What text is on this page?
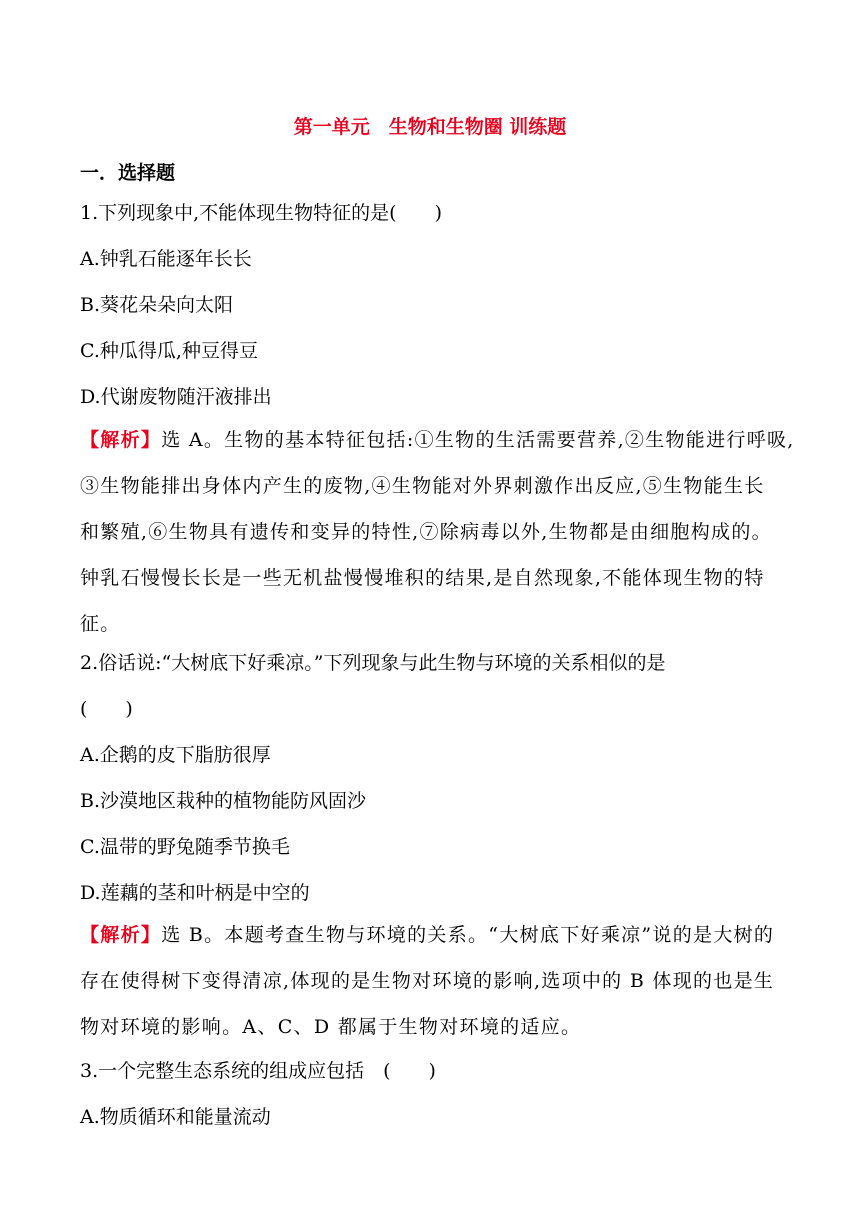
第一单元　生物和生物圈 训练题
一．选择题
1.下列现象中,不能体现生物特征的是(　　)
A.钟乳石能逐年长长
B.葵花朵朵向太阳
C.种瓜得瓜,种豆得豆
D.代谢废物随汗液排出

【解析】选 A。生物的基本特征包括:①生物的生活需要营养,②生物能进行呼吸,

③生物能排出身体内产生的废物,④生物能对外界刺激作出反应,⑤生物能生长

和繁殖,⑥生物具有遗传和变异的特性,⑦除病毒以外,生物都是由细胞构成的。

钟乳石慢慢长长是一些无机盐慢慢堆积的结果,是自然现象,不能体现生物的特

征。

2.俗话说:“大树底下好乘凉。”下列现象与此生物与环境的关系相似的是
(　　)
A.企鹅的皮下脂肪很厚
B.沙漠地区栽种的植物能防风固沙
C.温带的野兔随季节换毛
D.莲藕的茎和叶柄是中空的

【解析】选 B。本题考查生物与环境的关系。“大树底下好乘凉”说的是大树的

存在使得树下变得清凉,体现的是生物对环境的影响,选项中的 B 体现的也是生

物对环境的影响。A、C、D 都属于生物对环境的适应。

3.一个完整生态系统的组成应包括　(　　)
A.物质循环和能量流动
